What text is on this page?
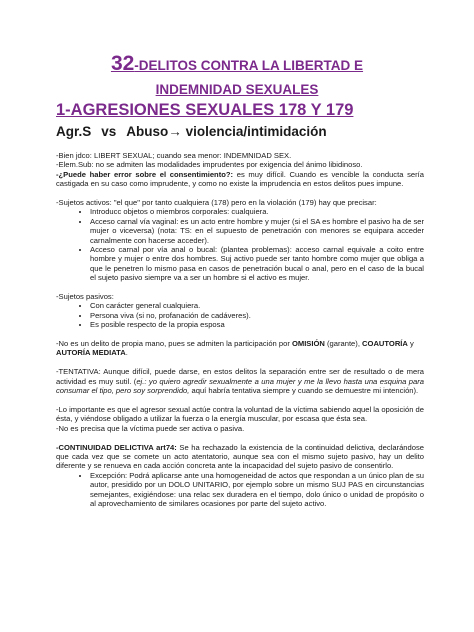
32-DELITOS CONTRA LA LIBERTAD E
INDEMNIDAD SEXUALES
1-AGRESIONES SEXUALES 178 Y 179
Agr.S vs Abuso→ violencia/intimidación

-Bien jdco: LIBERT SEXUAL; cuando sea menor: INDEMNIDAD SEX.

-Elem.Sub: no se admiten las modalidades imprudentes por exigencia del ánimo libidinoso.

-¿Puede haber error sobre el consentimiento?: es muy difícil. Cuando es vencible la conducta sería castigada en su caso como imprudente, y como no existe la imprudencia en estos delitos pues impune.

-Sujetos activos: "el que" por tanto cualquiera (178) pero en la violación (179) hay que precisar:

• Introducc objetos o miembros corporales: cualquiera.
• Acceso carnal vía vaginal: es un acto entre hombre y mujer (si el SA es hombre el pasivo ha de ser mujer o viceversa) (nota: TS: en el supuesto de penetración con menores se equipara acceder carnalmente con hacerse acceder).
• Acceso carnal por vía anal o bucal: (plantea problemas): acceso carnal equivale a coito entre hombre y mujer o entre dos hombres. Suj activo puede ser tanto hombre como mujer que obliga a que le penetren lo mismo pasa en casos de penetración bucal o anal, pero en el caso de la bucal el sujeto pasivo siempre va a ser un hombre si el activo es mujer.

-Sujetos pasivos:

• Con carácter general cualquiera.
• Persona viva (si no, profanación de cadáveres).
• Es posible respecto de la propia esposa

-No es un delito de propia mano, pues se admiten la participación por OMISIÓN (garante), COAUTORÍA y AUTORÍA MEDIATA.

-TENTATIVA: Aunque difícil, puede darse, en estos delitos la separación entre ser de resultado o de mera actividad es muy sutil. (ej.: yo quiero agredir sexualmente a una mujer y me la llevo hasta una esquina para consumar el tipo, pero soy sorprendido, aquí habría tentativa siempre y cuando se demuestre mi intención).

-Lo importante es que el agresor sexual actúe contra la voluntad de la víctima sabiendo aquel la oposición de ésta, y viéndose obligado a utilizar la fuerza o la energía muscular, por escasa que ésta sea.

-No es precisa que la víctima puede ser activa o pasiva.

-CONTINUIDAD DELICTIVA art74: Se ha rechazado la existencia de la continuidad delictiva, declarándose que cada vez que se comete un acto atentatorio, aunque sea con el mismo sujeto pasivo, hay un delito diferente y se renueva en cada acción concreta ante la incapacidad del sujeto pasivo de consentirlo.

• Excepción: Podrá aplicarse ante una homogeneidad de actos que respondan a un único plan de su autor, presidido por un DOLO UNITARIO, por ejemplo sobre un mismo SUJ PAS en circunstancias semejantes, exigiéndose: una relac sex duradera en el tiempo, dolo único o unidad de propósito o al aprovechamiento de similares ocasiones por parte del sujeto activo.
